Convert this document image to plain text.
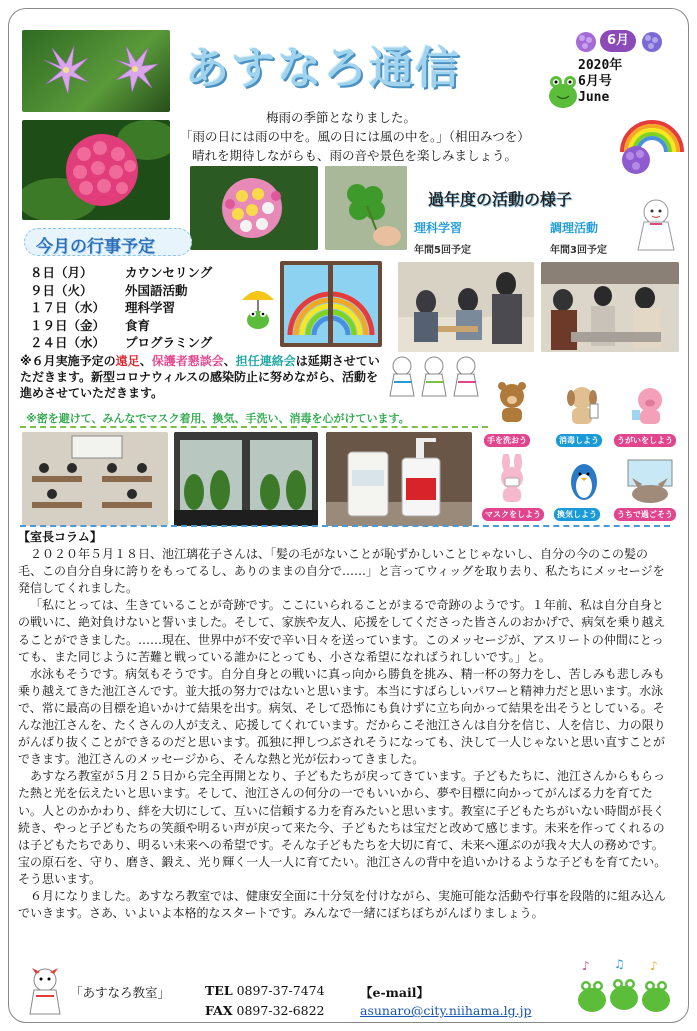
あすなろ通信
6月
2020年
6月号
June
梅雨の季節となりました。
「雨の日には雨の中を。風の日には風の中を。」（相田みつを）
晴れを期待しながらも、雨の音や景色を楽しみましょう。
過年度の活動の様子
理科学習
年間5回予定
調理活動
年間3回予定
今月の行事予定
８日（月）	カウンセリング
９日（火）	外国語活動
１７日（水）	理科学習
１９日（金）	食育
２４日（水）	プログラミング
※６月実施予定の遠足、保護者懇談会、担任連絡会は延期させていただきます。新型コロナウィルスの感染防止に努めながら、活動を進めさせていただきます。
※密を避けて、みんなでマスク着用、換気、手洗い、消毒を心がけています。
手を洗おう	消毒しよう	うがいをしよう
マスクをしよう	換気しよう	うちで過ごそう

【室長コラム】

２０２０年５月１８日、池江璃花子さんは、「髪の毛がないことが恥ずかしいことじゃないし、自分の今のこの髪の毛、この自分自身に誇りをもってるし、ありのままの自分で……」と言ってウィッグを取り去り、私たちにメッセージを発信してくれました。

「私にとっては、生きていることが奇跡です。ここにいられることがまるで奇跡のようです。１年前、私は自分自身との戦いに、絶対負けないと誓いました。そして、家族や友人、応援をしてくださった皆さんのおかげで、病気を乗り越えることができました。……現在、世界中が不安で辛い日々を送っています。このメッセージが、アスリートの仲間にとっても、また同じように苦難と戦っている誰かにとっても、小さな希望になればうれしいです。」と。

水泳もそうです。病気もそうです。自分自身との戦いに真っ向から勝負を挑み、精一杯の努力をし、苦しみも悲しみも乗り越えてきた池江さんです。並大抵の努力ではないと思います。本当にすばらしいパワーと精神力だと思います。水泳で、常に最高の目標を追いかけて結果を出す。病気、そして恐怖にも負けずに立ち向かって結果を出そうとしている。そんな池江さんを、たくさんの人が支え、応援してくれています。だからこそ池江さんは自分を信じ、人を信じ、力の限りがんばり抜くことができるのだと思います。孤独に押しつぶされそうになっても、決して一人じゃないと思い直すことができます。池江さんのメッセージから、そんな熱と光が伝わってきました。

あすなろ教室が５月２５日から完全再開となり、子どもたちが戻ってきています。子どもたちに、池江さんからもらった熱と光を伝えたいと思います。そして、池江さんの何分の一でもいいから、夢や目標に向かってがんばる力を育てたい。人とのかかわり、絆を大切にして、互いに信頼する力を育みたいと思います。教室に子どもたちがいない時間が長く続き、やっと子どもたちの笑顔や明るい声が戻って来た今、子どもたちは宝だと改めて感じます。未来を作ってくれるのは子どもたちであり、明るい未来への希望です。そんな子どもたちを大切に育て、未来へ運ぶのが我々大人の務めです。宝の原石を、守り、磨き、鍛え、光り輝く一人一人に育てたい。池江さんの背中を追いかけるような子どもを育てたい。そう思います。

６月になりました。あすなろ教室では、健康安全面に十分気を付けながら、実施可能な活動や行事を段階的に組み込んでいきます。さあ、いよいよ本格的なスタートです。みんなで一緒にぼちぼちがんばりましょう。

「あすなろ教室」	TEL 0897-37-7474	【e-mail】
FAX 0897-32-6822	asunaro@city.niihama.lg.jp
♪ ♫ ♪
